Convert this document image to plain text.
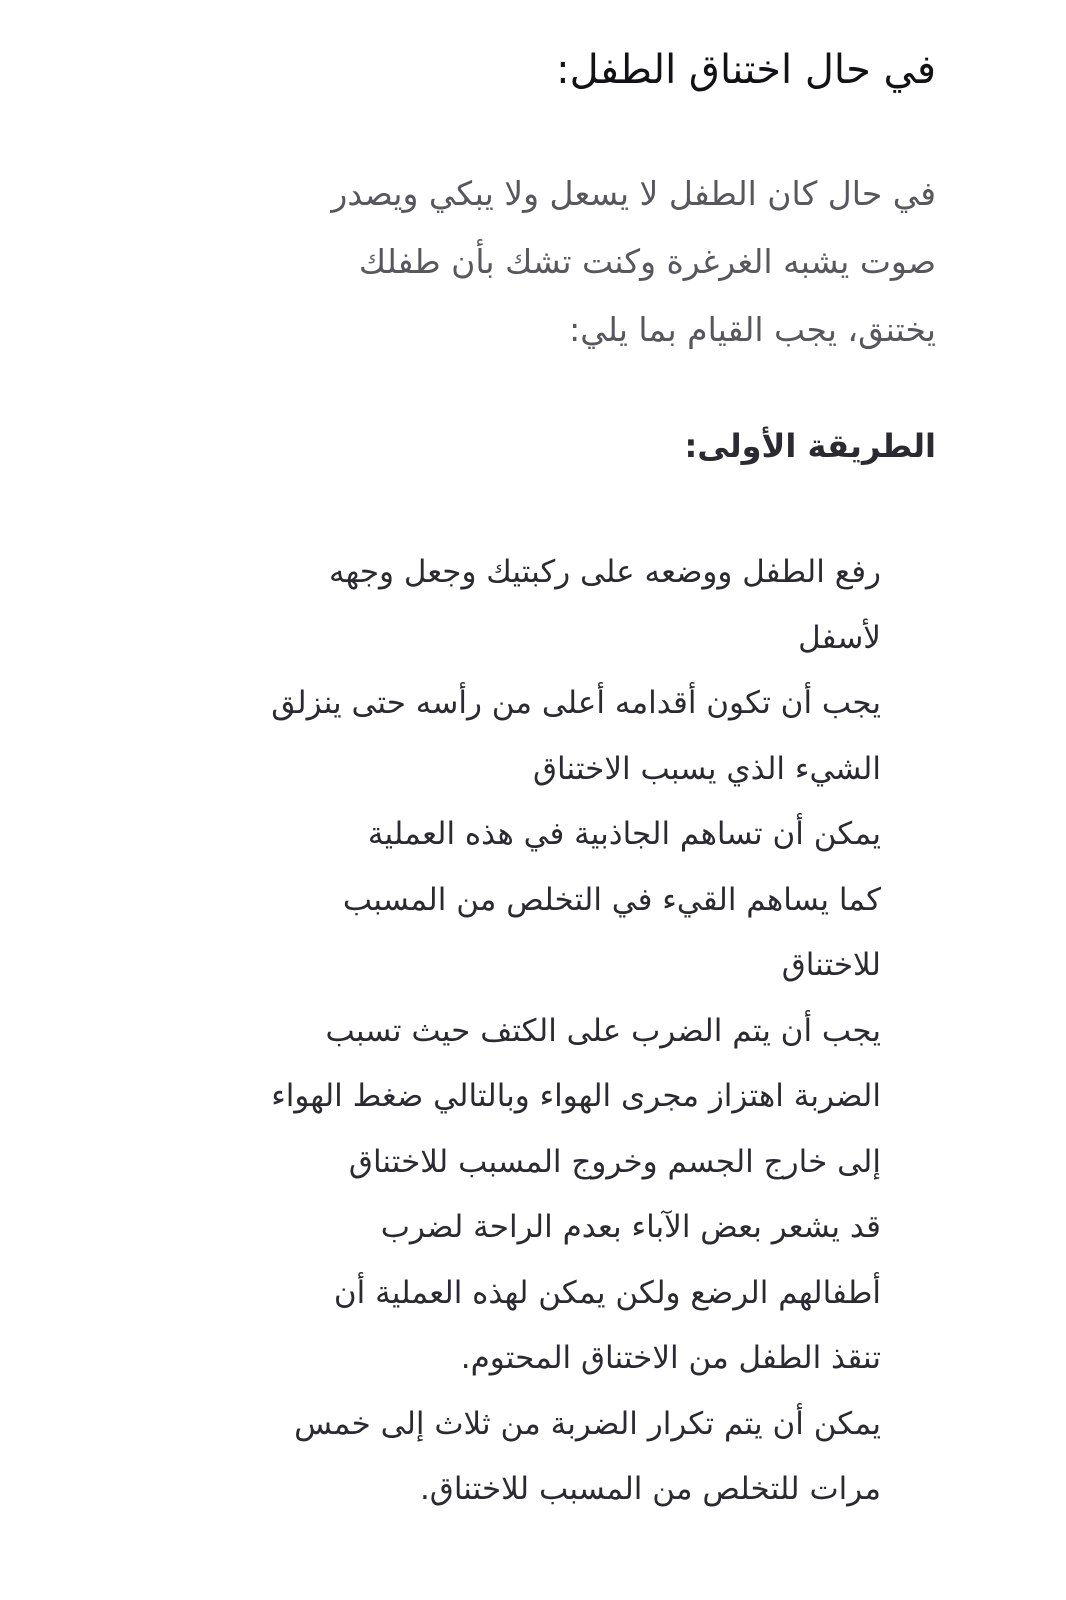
في حال اختناق الطفل:

في حال كان الطفل لا يسعل ولا يبكي ويصدر
صوت يشبه الغرغرة وكنت تشك بأن طفلك
يختنق، يجب القيام بما يلي:

الطريقة الأولى:
رفع الطفل ووضعه على ركبتيك وجعل وجهه
لأسفل
يجب أن تكون أقدامه أعلى من رأسه حتى ينزلق
الشيء الذي يسبب الاختناق
يمكن أن تساهم الجاذبية في هذه العملية
كما يساهم القيء في التخلص من المسبب
للاختناق
يجب أن يتم الضرب على الكتف حيث تسبب
الضربة اهتزاز مجرى الهواء وبالتالي ضغط الهواء
إلى خارج الجسم وخروج المسبب للاختناق
قد يشعر بعض الآباء بعدم الراحة لضرب
أطفالهم الرضع ولكن يمكن لهذه العملية أن
تنقذ الطفل من الاختناق المحتوم.
يمكن أن يتم تكرار الضربة من ثلاث إلى خمس
مرات للتخلص من المسبب للاختناق.
